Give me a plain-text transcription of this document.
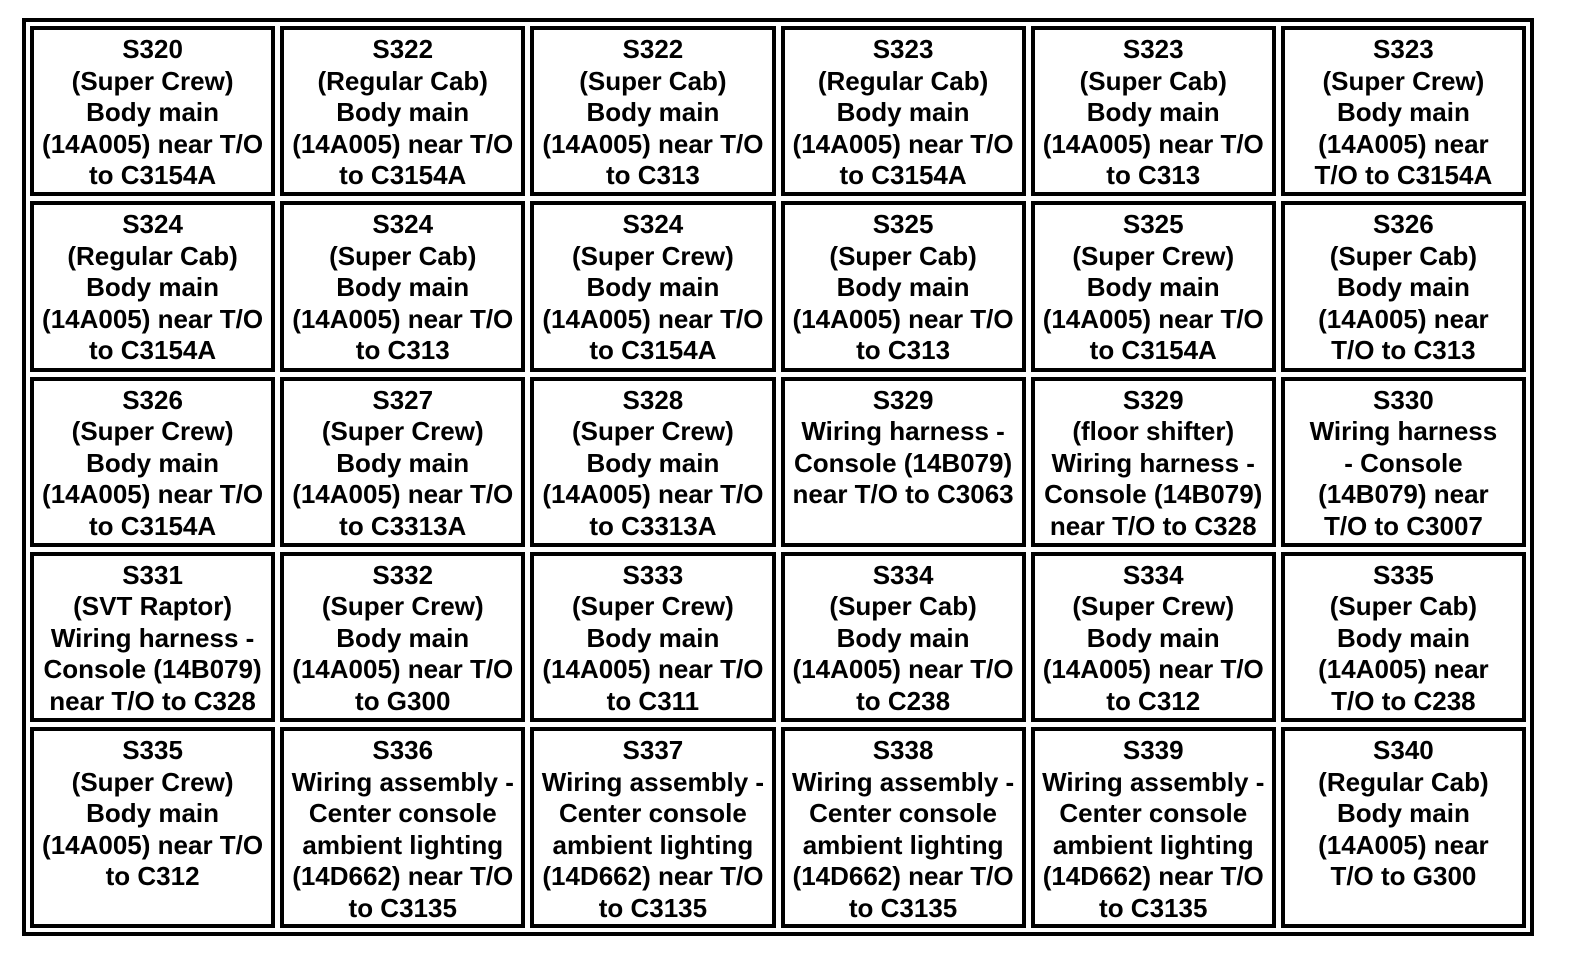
S320
(Super Crew)
Body main
(14A005) near T/O
to C3154A
S322
(Regular Cab)
Body main
(14A005) near T/O
to C3154A
S322
(Super Cab)
Body main
(14A005) near T/O
to C313
S323
(Regular Cab)
Body main
(14A005) near T/O
to C3154A
S323
(Super Cab)
Body main
(14A005) near T/O
to C313
S323
(Super Crew)
Body main
(14A005) near
T/O to C3154A
S324
(Regular Cab)
Body main
(14A005) near T/O
to C3154A
S324
(Super Cab)
Body main
(14A005) near T/O
to C313
S324
(Super Crew)
Body main
(14A005) near T/O
to C3154A
S325
(Super Cab)
Body main
(14A005) near T/O
to C313
S325
(Super Crew)
Body main
(14A005) near T/O
to C3154A
S326
(Super Cab)
Body main
(14A005) near
T/O to C313
S326
(Super Crew)
Body main
(14A005) near T/O
to C3154A
S327
(Super Crew)
Body main
(14A005) near T/O
to C3313A
S328
(Super Crew)
Body main
(14A005) near T/O
to C3313A
S329
Wiring harness -
Console (14B079)
near T/O to C3063
S329
(floor shifter)
Wiring harness -
Console (14B079)
near T/O to C328
S330
Wiring harness
- Console
(14B079) near
T/O to C3007
S331
(SVT Raptor)
Wiring harness -
Console (14B079)
near T/O to C328
S332
(Super Crew)
Body main
(14A005) near T/O
to G300
S333
(Super Crew)
Body main
(14A005) near T/O
to C311
S334
(Super Cab)
Body main
(14A005) near T/O
to C238
S334
(Super Crew)
Body main
(14A005) near T/O
to C312
S335
(Super Cab)
Body main
(14A005) near
T/O to C238
S335
(Super Crew)
Body main
(14A005) near T/O
to C312
S336
Wiring assembly -
Center console
ambient lighting
(14D662) near T/O
to C3135
S337
Wiring assembly -
Center console
ambient lighting
(14D662) near T/O
to C3135
S338
Wiring assembly -
Center console
ambient lighting
(14D662) near T/O
to C3135
S339
Wiring assembly -
Center console
ambient lighting
(14D662) near T/O
to C3135
S340
(Regular Cab)
Body main
(14A005) near
T/O to G300
